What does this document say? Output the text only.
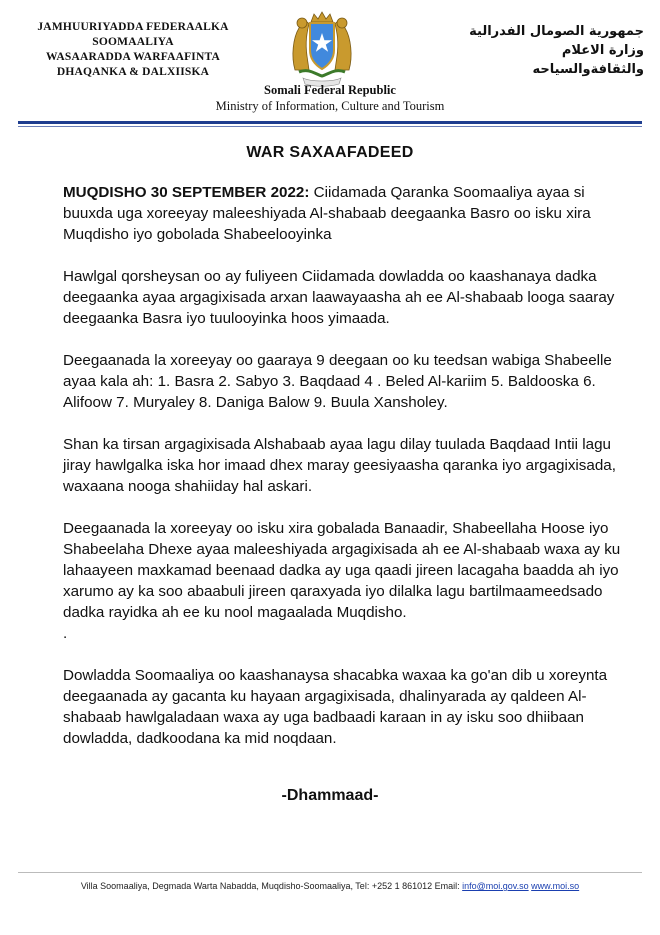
JAMHUURIYADDA FEDERAALKA
SOOMAALIYA
WASAARADDA WARFAAFINTA
DHAQANKA & DALXIISKA
جمهورية الصومال الفدرالية
وزارة الاعلام
والثقافةوالسياحه
Somali Federal Republic
Ministry of Information, Culture and Tourism
WAR SAXAAFADEED

MUQDISHO 30 SEPTEMBER 2022: Ciidamada Qaranka Soomaaliya ayaa si buuxda uga xoreeyay maleeshiyada Al-shabaab deegaanka Basro oo isku xira Muqdisho iyo gobolada Shabeelooyinka

Hawlgal qorsheysan oo ay fuliyeen Ciidamada dowladda oo kaashanaya dadka deegaanka ayaa argagixisada arxan laawayaasha ah ee Al-shabaab looga saaray deegaanka Basra iyo tuulooyinka hoos yimaada.

Deegaanada la xoreeyay oo gaaraya 9 deegaan oo ku teedsan wabiga Shabeelle ayaa kala ah: 1. Basra 2. Sabyo 3. Baqdaad 4 . Beled Al-kariim 5. Baldooska 6. Alifoow 7. Muryaley 8. Daniga Balow 9. Buula Xansholey.

Shan ka tirsan argagixisada Alshabaab ayaa lagu dilay tuulada Baqdaad Intii lagu jiray hawlgalka iska hor imaad dhex maray geesiyaasha qaranka iyo argagixisada, waxaana nooga shahiiday hal askari.

Deegaanada la xoreeyay oo isku xira gobalada Banaadir, Shabeellaha Hoose iyo Shabeelaha Dhexe ayaa maleeshiyada argagixisada ah ee Al-shabaab waxa ay ku lahaayeen maxkamad beenaad dadka ay uga qaadi jireen lacagaha baadda ah iyo xarumo ay ka soo abaabuli jireen qaraxyada iyo dilalka lagu bartilmaameedsado dadka rayidka ah ee ku nool magaalada Muqdisho.

.

Dowladda Soomaaliya oo kaashanaysa shacabka waxaa ka go'an dib u xoreynta deegaanada ay gacanta ku hayaan argagixisada, dhalinyarada ay qaldeen Al-shabaab hawlgaladaan waxa ay uga badbaadi karaan in ay isku soo dhiibaan dowladda, dadkoodana ka mid noqdaan.

-Dhammaad-
Villa Soomaaliya, Degmada Warta Nabadda, Muqdisho-Soomaaliya, Tel: +252 1 861012 Email: info@moi.gov.so www.moi.so
